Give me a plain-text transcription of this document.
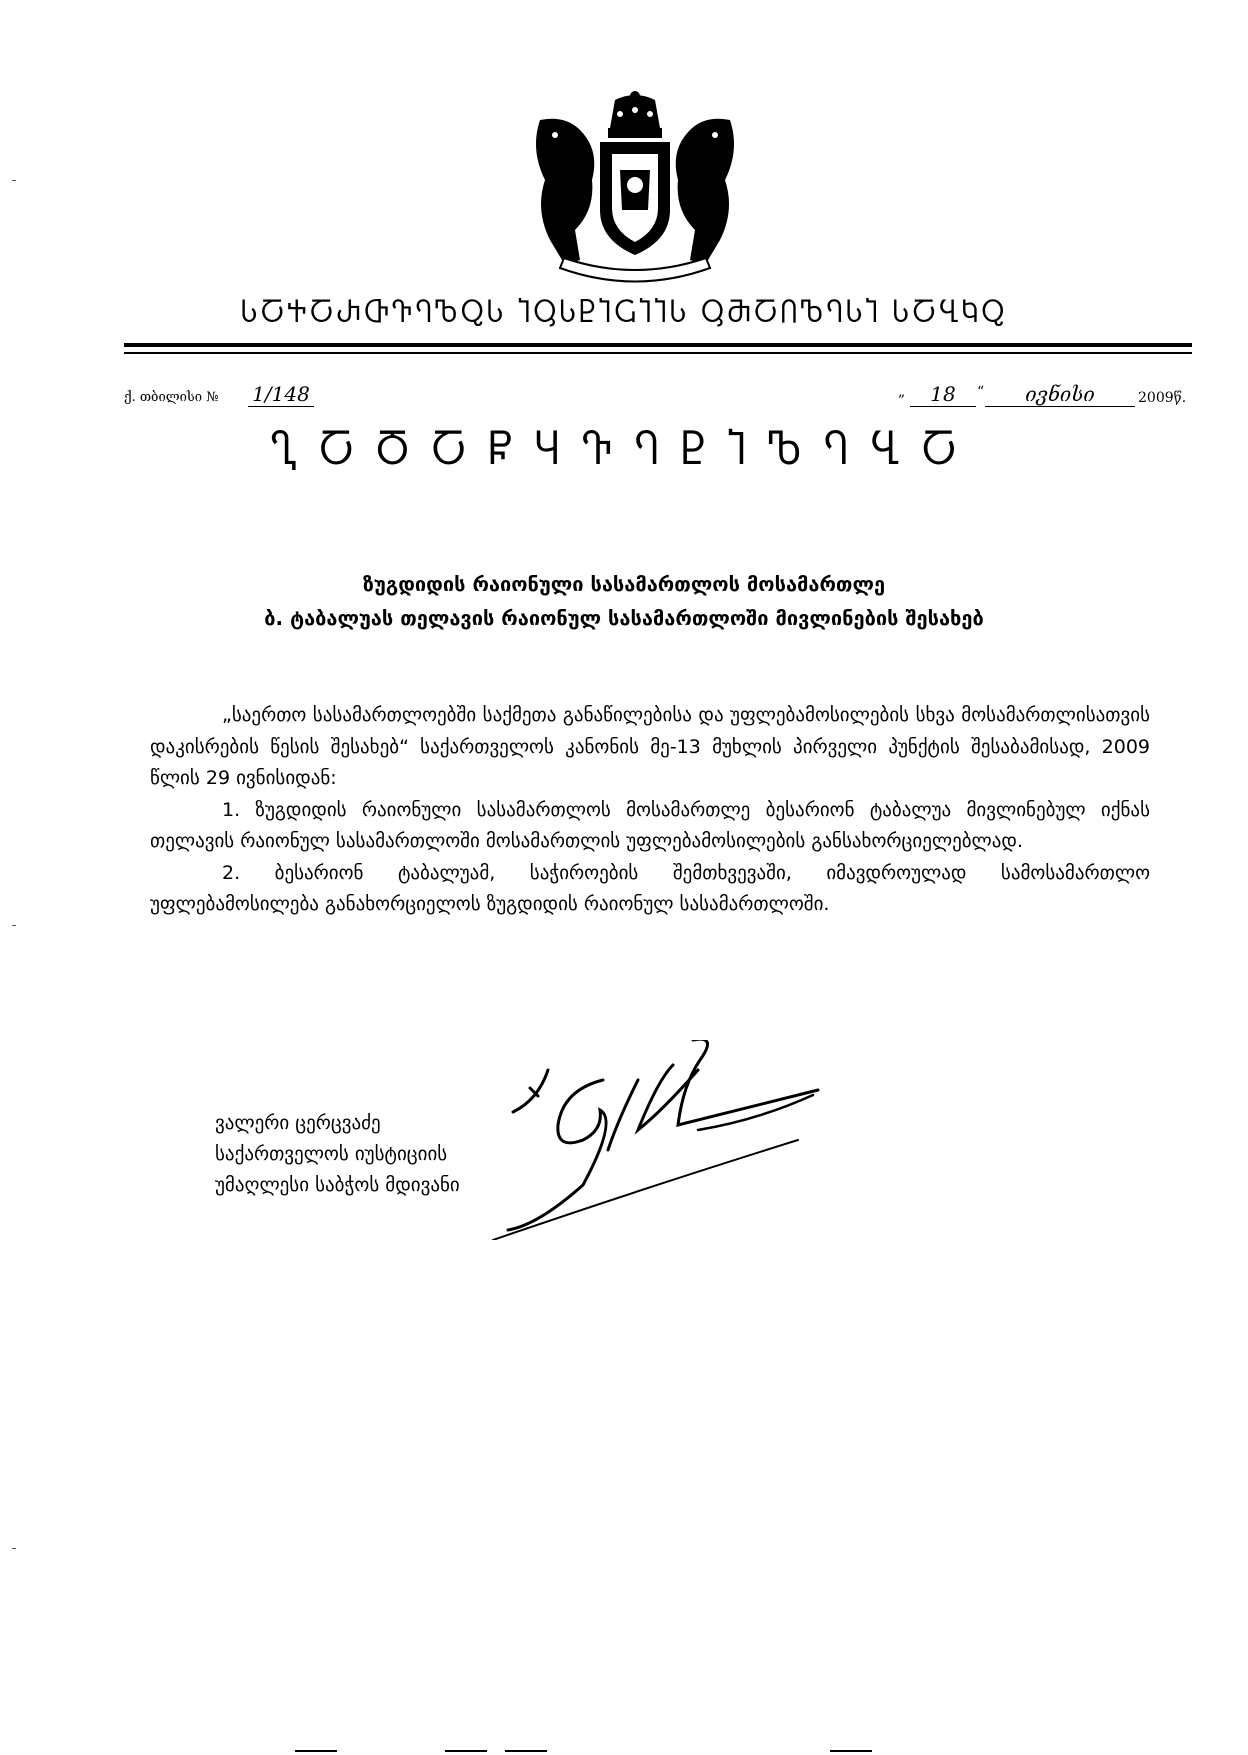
ႱႠႵႠႰႧႥႤႪႭႱ ႨႳႱႲႨႺႨႨႱ ႳႫႠႶႪႤႱႨ ႱႠႡႩႭ
ქ. თბილისი № 1/148	„	18	“	ივნისი	2009წ.
ႢႠႣႠႼႷႥႤႲႨႪႤႡႠ
ზუგდიდის რაიონული სასამართლოს მოსამართლე
ბ. ტაბალუას თელავის რაიონულ სასამართლოში მივლინების შესახებ

„საერთო სასამართლოებში საქმეთა განაწილებისა და უფლებამოსილების სხვა მოსამართლისათვის დაკისრების წესის შესახებ“ საქართველოს კანონის მე-13 მუხლის პირველი პუნქტის შესაბამისად, 2009 წლის 29 ივნისიდან:

1. ზუგდიდის რაიონული სასამართლოს მოსამართლე ბესარიონ ტაბალუა მივლინებულ იქნას თელავის რაიონულ სასამართლოში მოსამართლის უფლებამოსილების განსახორციელებლად.

2. ბესარიონ ტაბალუამ, საჭიროების შემთხვევაში, იმავდროულად სამოსამართლო უფლებამოსილება განახორციელოს ზუგდიდის რაიონულ სასამართლოში.

ვალერი ცერცვაძე
საქართველოს იუსტიციის
უმაღლესი საბჭოს მდივანი
